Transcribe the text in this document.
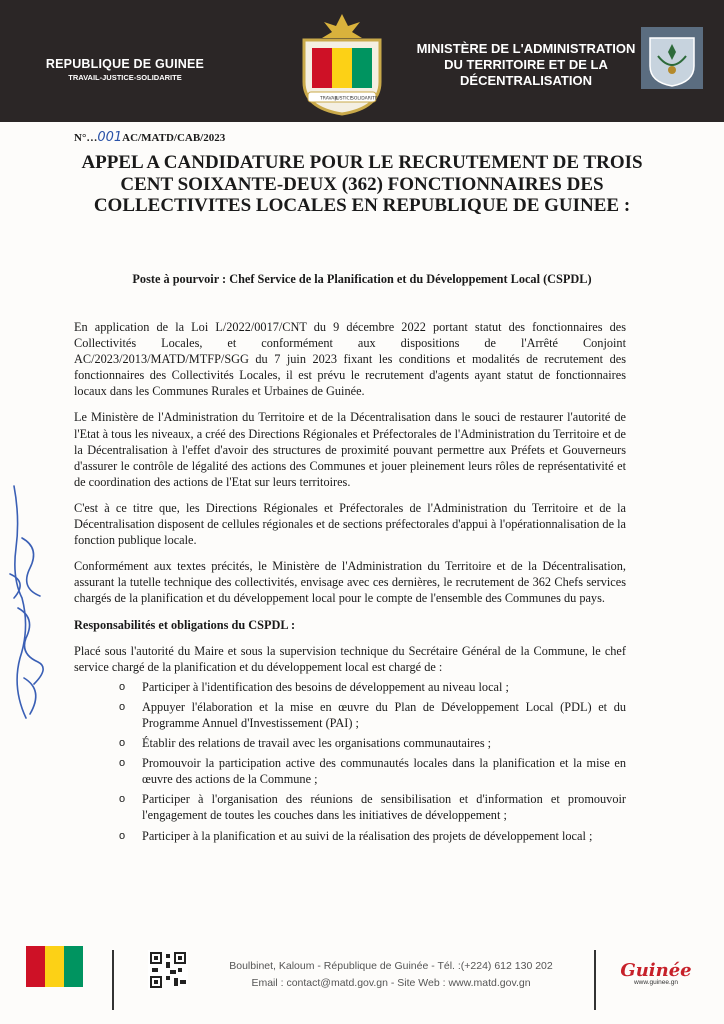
REPUBLIQUE DE GUINEE
TRAVAIL-JUSTICE-SOLIDARITE
TRAVAIL
JUSTICE
SOLIDARITE
MINISTÈRE DE L'ADMINISTRATION
DU TERRITOIRE ET DE LA
DÉCENTRALISATION
N°…001AC/MATD/CAB/2023
APPEL A CANDIDATURE POUR LE RECRUTEMENT DE TROIS CENT SOIXANTE-DEUX (362) FONCTIONNAIRES DES COLLECTIVITES LOCALES EN REPUBLIQUE DE GUINEE :
Poste à pourvoir : Chef Service de la Planification et du Développement Local (CSPDL)

En application de la Loi L/2022/0017/CNT du 9 décembre 2022 portant statut des fonctionnaires des Collectivités Locales, et conformément aux dispositions de l'Arrêté Conjoint AC/2023/2013/MATD/MTFP/SGG du 7 juin 2023 fixant les conditions et modalités de recrutement des fonctionnaires des Collectivités Locales, il est prévu le recrutement d'agents ayant statut de fonctionnaires locaux dans les Communes Rurales et Urbaines de Guinée.

Le Ministère de l'Administration du Territoire et de la Décentralisation dans le souci de restaurer l'autorité de l'Etat à tous les niveaux, a créé des Directions Régionales et Préfectorales de l'Administration du Territoire et de la Décentralisation à l'effet d'avoir des structures de proximité pouvant permettre aux Préfets et Gouverneurs d'assurer le contrôle de légalité des actions des Communes et jouer pleinement leurs rôles de représentativité et de coordination des actions de l'Etat sur leurs territoires.

C'est à ce titre que, les Directions Régionales et Préfectorales de l'Administration du Territoire et de la Décentralisation disposent de cellules régionales et de sections préfectorales d'appui à l'opérationnalisation de la fonction publique locale.

Conformément aux textes précités, le Ministère de l'Administration du Territoire et de la Décentralisation, assurant la tutelle technique des collectivités, envisage avec ces dernières, le recrutement de 362 Chefs services chargés de la planification et du développement local pour le compte de l'ensemble des Communes du pays.

Responsabilités et obligations du CSPDL :

Placé sous l'autorité du Maire et sous la supervision technique du Secrétaire Général de la Commune, le chef service chargé de la planification et du développement local est chargé de :

o Participer à l'identification des besoins de développement au niveau local ;
o Appuyer l'élaboration et la mise en œuvre du Plan de Développement Local (PDL) et du Programme Annuel d'Investissement (PAI) ;
o Établir des relations de travail avec les organisations communautaires ;
o Promouvoir la participation active des communautés locales dans la planification et la mise en œuvre des actions de la Commune ;
o Participer à l'organisation des réunions de sensibilisation et d'information et promouvoir l'engagement de toutes les couches dans les initiatives de développement ;
o Participer à la planification et au suivi de la réalisation des projets de développement local ;
Boulbinet, Kaloum - République de Guinée - Tél. :(+224) 612 130 202
Email : contact@matd.gov.gn - Site Web : www.matd.gov.gn
Guinée
www.guinee.gn
